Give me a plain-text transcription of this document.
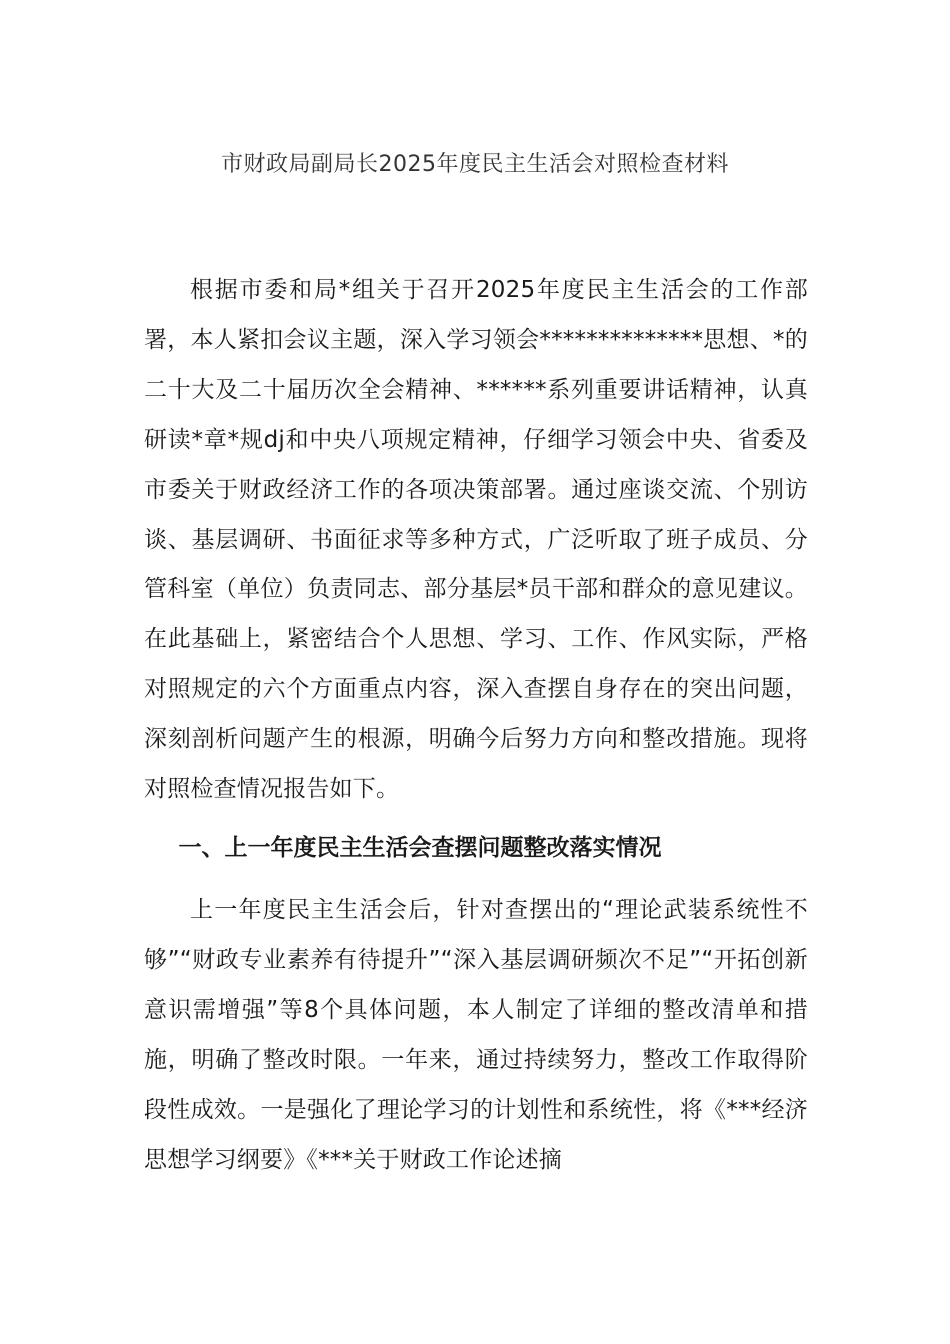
市财政局副局长2025年度民主生活会对照检查材料

根据市委和局*组关于召开2025年度民主生活会的工作部署，本人紧扣会议主题，深入学习领会**************思想、*的二十大及二十届历次全会精神、******系列重要讲话精神，认真研读*章*规dj和中央八项规定精神，仔细学习领会中央、省委及市委关于财政经济工作的各项决策部署。通过座谈交流、个别访谈、基层调研、书面征求等多种方式，广泛听取了班子成员、分管科室（单位）负责同志、部分基层*员干部和群众的意见建议。在此基础上，紧密结合个人思想、学习、工作、作风实际，严格对照规定的六个方面重点内容，深入查摆自身存在的突出问题，深刻剖析问题产生的根源，明确今后努力方向和整改措施。现将对照检查情况报告如下。

一、上一年度民主生活会查摆问题整改落实情况

上一年度民主生活会后，针对查摆出的“理论武装系统性不够”“财政专业素养有待提升”“深入基层调研频次不足”“开拓创新意识需增强”等8个具体问题，本人制定了详细的整改清单和措施，明确了整改时限。一年来，通过持续努力，整改工作取得阶段性成效。一是强化了理论学习的计划性和系统性，将《***经济思想学习纲要》《***关于财政工作论述摘
